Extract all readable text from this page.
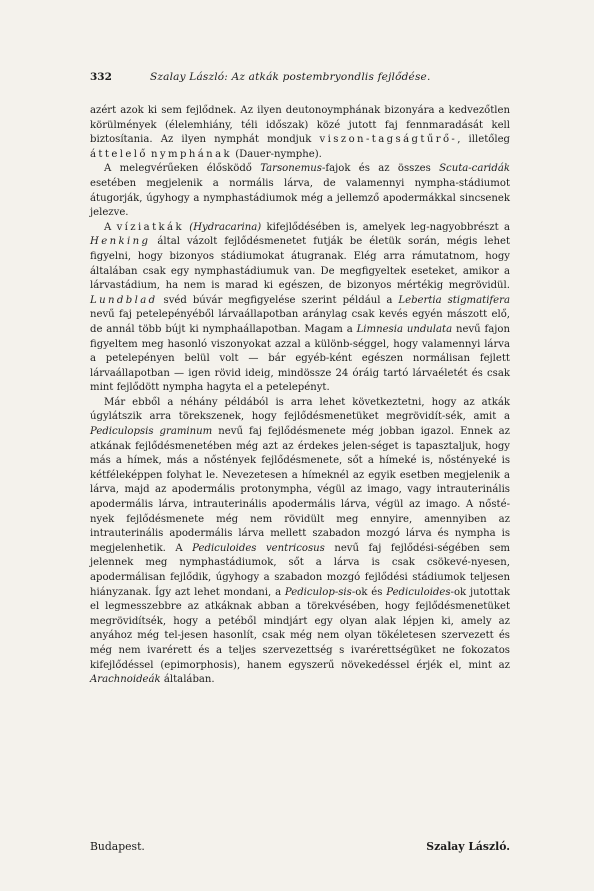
332	Szalay László: Az atkák postembryondlis fejlődése.

azért azok ki sem fejlődnek. Az ilyen deutonoymphának bizonyára a kedvezőtlen körülmények (élelemhiány, téli időszak) közé jutott faj fennmaradását kell biztosítania. Az ilyen nymphát mondjuk viszon-tagságtűrő-, illetőleg áttelelő nymphának (Dauer-nymphe).

A melegvérűeken élősködő Tarsonemus-fajok és az összes Scuta-caridák esetében megjelenik a normális lárva, de valamennyi nympha-stádiumot átugorják, úgyhogy a nymphastádiumok még a jellemző apodermákkal sincsenek jelezve.

A víziatkák (Hydracarina) kifejlődésében is, amelyek leg-nagyobbrészt a Henking által vázolt fejlődésmenetet futják be életük során, mégis lehet figyelni, hogy bizonyos stádiumokat átugranak. Elég arra rámutatnom, hogy általában csak egy nymphastádiumuk van. De megfigyeltek eseteket, amikor a lárvastádium, ha nem is marad ki egészen, de bizonyos mértékig megrövidül. Lundblad svéd búvár megfigyelése szerint például a Lebertia stigmatifera nevű faj petelepényéből lárvaállapotban aránylag csak kevés egyén mászott elő, de annál több bújt ki nymphaállapotban. Magam a Limnesia undulata nevű fajon figyeltem meg hasonló viszonyokat azzal a különb-séggel, hogy valamennyi lárva a petelepényen belül volt — bár egyéb-ként egészen normálisan fejlett lárvaállapotban — igen rövid ideig, mindössze 24 óráig tartó lárvaéletét és csak mint fejlődött nympha hagyta el a petelepényt.

Már ebből a néhány példából is arra lehet következtetni, hogy az atkák úgylátszik arra törekszenek, hogy fejlődésmenetüket megrövidít-sék, amit a Pediculopsis graminum nevű faj fejlődésmenete még jobban igazol. Ennek az atkának fejlődésmenetében még azt az érdekes jelen-séget is tapasztaljuk, hogy más a hímek, más a nőstények fejlődésmenete, sőt a hímeké is, nőstényeké is kétféleképpen folyhat le. Nevezetesen a hímeknél az egyik esetben megjelenik a lárva, majd az apodermális protonympha, végül az imago, vagy intrauterinális apodermális lárva, intrauterinális apodermális lárva, végül az imago. A nősté-nyek fejlődésmenete még nem rövidült meg ennyire, amennyiben az intrauterinális apodermális lárva mellett szabadon mozgó lárva és nympha is megjelenhetik. A Pediculoides ventricosus nevű faj fejlődési-ségében sem jelennek meg nymphastádiumok, sőt a lárva is csak csökevé-nyesen, apodermálisan fejlődik, úgyhogy a szabadon mozgó fejlődési stádiumok teljesen hiányzanak. Így azt lehet mondani, a Pediculop-sis-ok és Pediculoides-ok jutottak el legmesszebbre az atkáknak abban a törekvésében, hogy fejlődésmenetüket megrövidítsék, hogy a petéből mindjárt egy olyan alak lépjen ki, amely az anyához még tel-jesen hasonlít, csak még nem olyan tökéletesen szervezett és még nem ivarérett és a teljes szervezettség s ivarérettségüket ne fokozatos kifejlődéssel (epimorphosis), hanem egyszerű növekedéssel érjék el, mint az Arachnoideák általában.

Budapest.	Szalay László.
